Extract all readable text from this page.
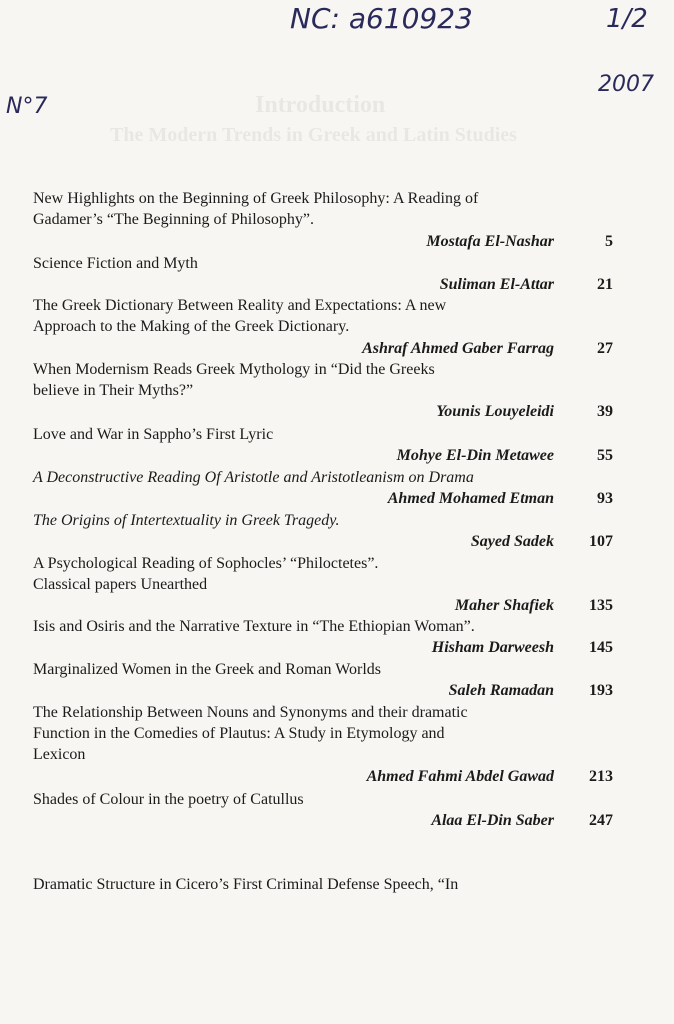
Introduction
The Modern Trends in Greek and Latin Studies
NC: a610923	1/2
2007
N°7
New Highlights on the Beginning of Greek Philosophy: A Reading of
Gadamer’s “The Beginning of Philosophy”.
Mostafa El-Nashar	5
Science Fiction and Myth
Suliman El-Attar	21
The Greek Dictionary Between Reality and Expectations: A new
Approach to the Making of the Greek Dictionary.
Ashraf Ahmed Gaber Farrag	27
When Modernism Reads Greek Mythology in “Did the Greeks
believe in Their Myths?”
Younis Louyeleidi	39
Love and War in Sappho’s First Lyric
Mohye El-Din Metawee	55
A Deconstructive Reading Of Aristotle and Aristotleanism on Drama
Ahmed Mohamed Etman	93
The Origins of Intertextuality in Greek Tragedy.
Sayed Sadek	107
A Psychological Reading of Sophocles’ “Philoctetes”.
Classical papers Unearthed
Maher Shafiek	135
Isis and Osiris and the Narrative Texture in “The Ethiopian Woman”.
Hisham Darweesh	145
Marginalized Women in the Greek and Roman Worlds
Saleh Ramadan	193
The Relationship Between Nouns and Synonyms and their dramatic
Function in the Comedies of Plautus: A Study in Etymology and
Lexicon
Ahmed Fahmi Abdel Gawad	213
Shades of Colour in the poetry of Catullus
Alaa El-Din Saber	247
Dramatic Structure in Cicero’s First Criminal Defense Speech, “In
